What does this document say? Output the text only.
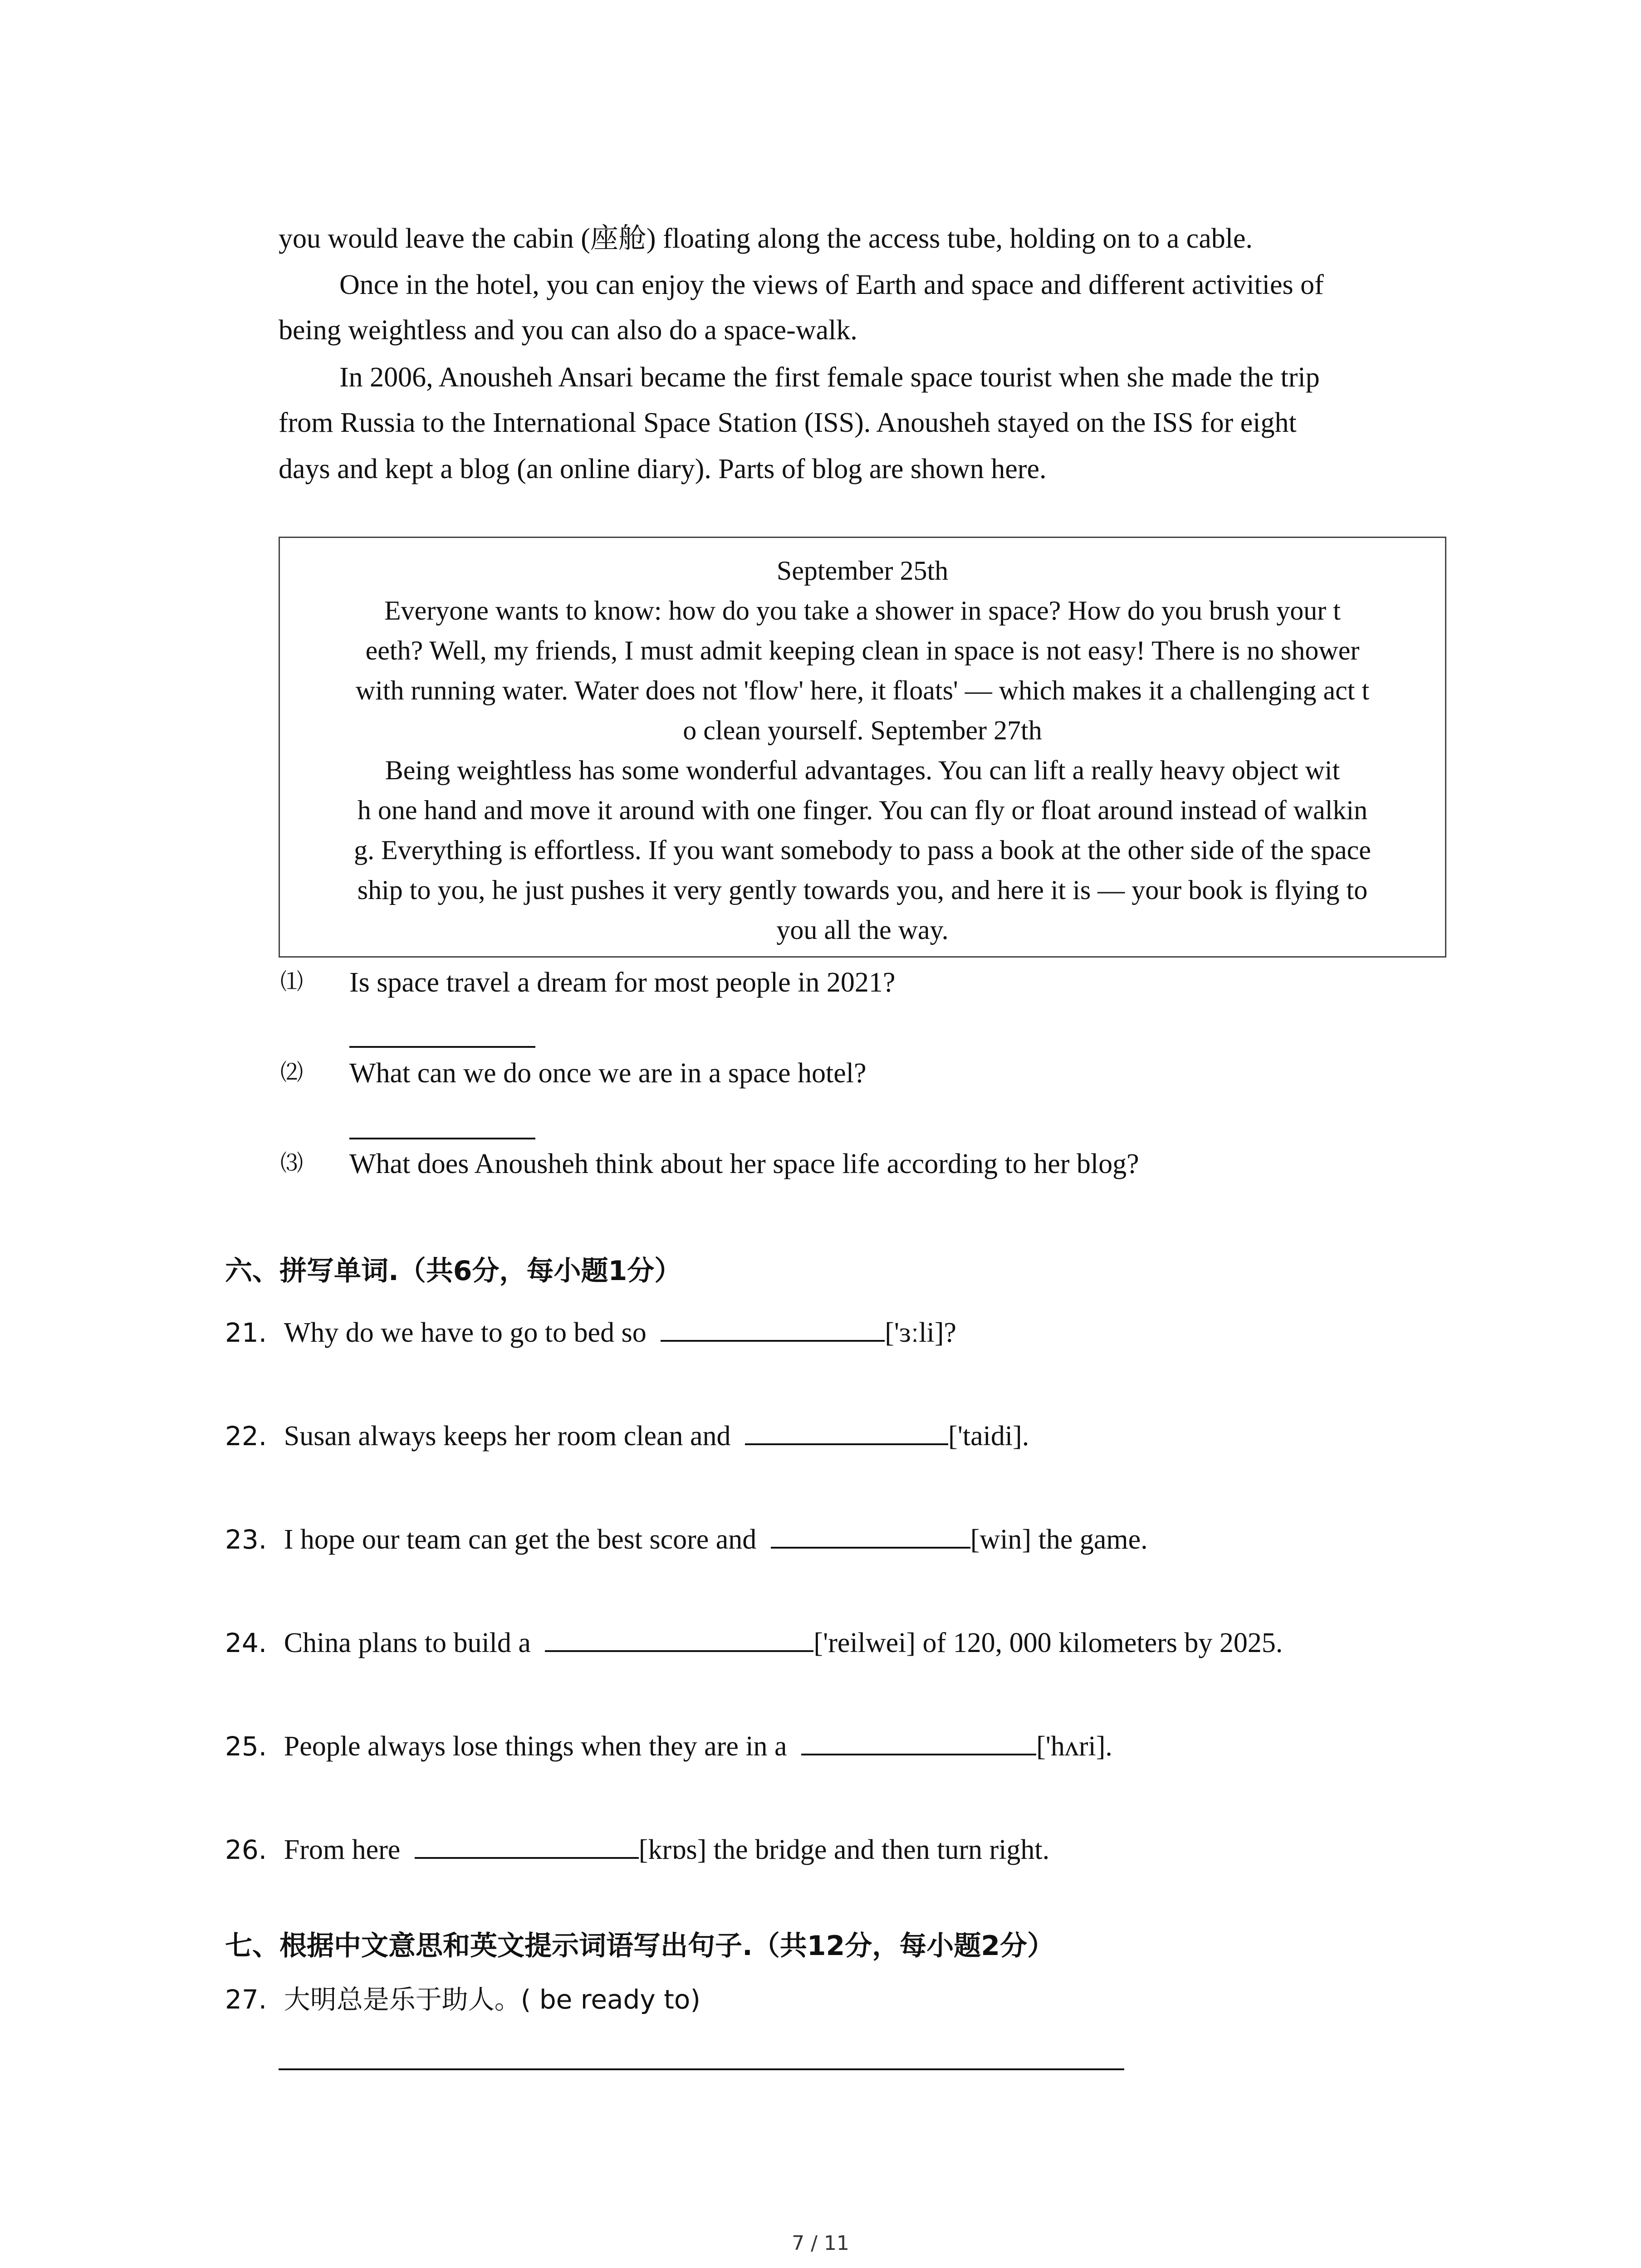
you would leave the cabin (座舱) floating along the access tube, holding on to a cable.
Once in the hotel, you can enjoy the views of Earth and space and different activities of
being weightless and you can also do a space-walk.
In 2006, Anousheh Ansari became the first female space tourist when she made the trip
from Russia to the International Space Station (ISS). Anousheh stayed on the ISS for eight
days and kept a blog (an online diary). Parts of blog are shown here.
September 25th
Everyone wants to know: how do you take a shower in space? How do you brush your t
eeth? Well, my friends, I must admit keeping clean in space is not easy! There is no shower
with running water. Water does not 'flow' here, it floats' — which makes it a challenging act t
o clean yourself. September 27th
Being weightless has some wonderful advantages. You can lift a really heavy object wit
h one hand and move it around with one finger. You can fly or float around instead of walkin
g. Everything is effortless. If you want somebody to pass a book at the other side of the space
ship to you, he just pushes it very gently towards you, and here it is — your book is flying to
you all the way.
⑴ Is space travel a dream for most people in 2021?
⑵ What can we do once we are in a space hotel?
⑶ What does Anousheh think about her space life according to her blog?
六、拼写单词.（共6分，每小题1分）
21. Why do we have to go to bed so	['ɜːli]?
22. Susan always keeps her room clean and	['taidi].
23. I hope our team can get the best score and	[win] the game.
24. China plans to build a	['reilwei] of 120, 000 kilometers by 2025.
25. People always lose things when they are in a	['hʌri].
26. From here	[krɒs] the bridge and then turn right.
七、根据中文意思和英文提示词语写出句子.（共12分，每小题2分）
27. 大明总是乐于助人。( be ready to)
7 / 11
